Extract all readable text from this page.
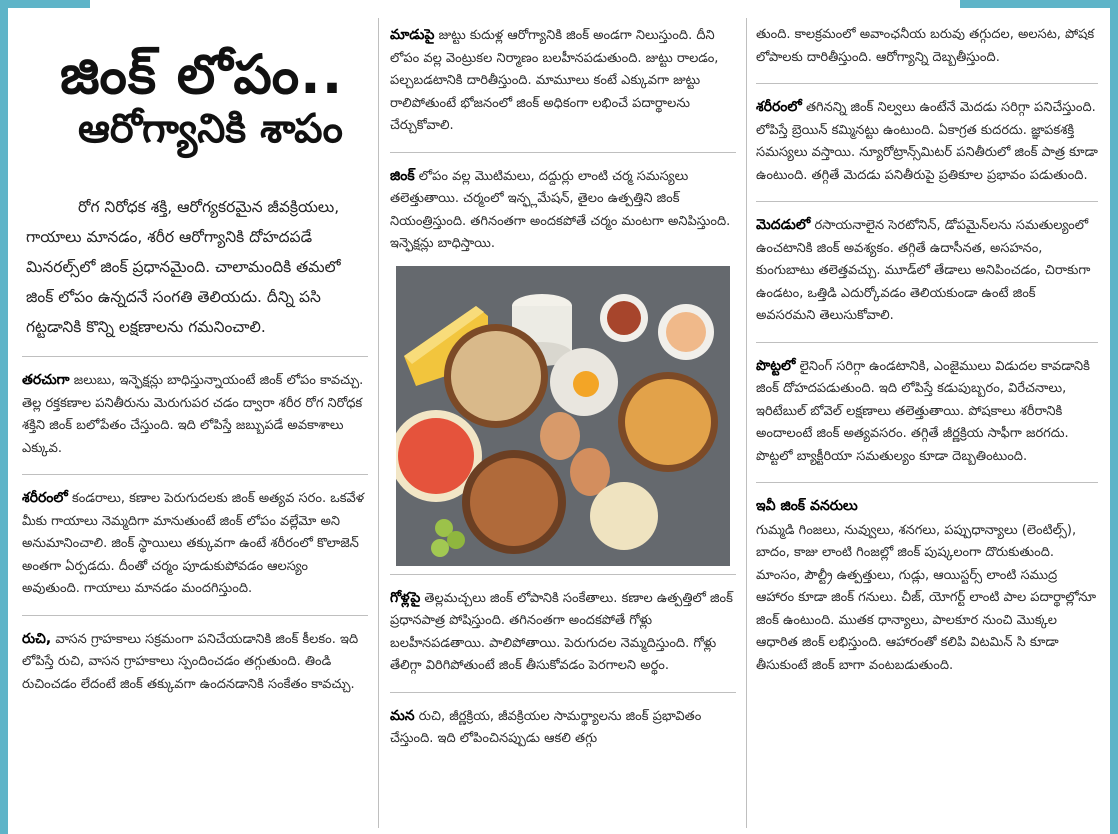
జింక్ లోపం..
ఆరోగ్యానికి శాపం
రోగ నిరోధక శక్తి, ఆరోగ్యకరమైన జీవక్రియలు, గాయాలు మానడం, శరీర ఆరోగ్యానికి దోహదపడే మినరల్స్‌లో జింక్ ప్రధానమైంది. చాలామందికి తమలో జింక్ లోపం ఉన్నదనే సంగతి తెలియదు. దీన్ని పసి గట్టడానికి కొన్ని లక్షణాలను గమనించాలి.
తరచుగా జలుబు, ఇన్ఫెక్షన్లు బాధిస్తున్నాయంటే జింక్ లోపం కావచ్చు. తెల్ల రక్తకణాల పనితీరును మెరుగుపర చడం ద్వారా శరీర రోగ నిరోధక శక్తిని జింక్ బలోపేతం చేస్తుంది. ఇది లోపిస్తే జబ్బుపడే అవకాశాలు ఎక్కువ.
శరీరంలో కండరాలు, కణాల పెరుగుదలకు జింక్ అత్యవ సరం. ఒకవేళ మీకు గాయాలు నెమ్మదిగా మానుతుంటే జింక్ లోపం వల్లేమో అని అనుమానించాలి. జింక్ స్థాయిలు తక్కువగా ఉంటే శరీరంలో కొలాజెన్ అంతగా ఏర్పడదు. దీంతో చర్మం పూడుకుపోవడం ఆలస్యం అవుతుంది. గాయాలు మానడం మందగిస్తుంది.
రుచి, వాసన గ్రాహకాలు సక్రమంగా పనిచేయడానికి జింక్ కీలకం. ఇది లోపిస్తే రుచి, వాసన గ్రాహకాలు స్పందించడం తగ్గుతుంది. తిండి రుచించడం లేదంటే జింక్ తక్కువగా ఉందనడానికి సంకేతం కావచ్చు.
మాడుపై జుట్టు కుదుళ్ల ఆరోగ్యానికి జింక్ అండగా నిలుస్తుంది. దీని లోపం వల్ల వెంట్రుకల నిర్మాణం బలహీనపడుతుంది. జుట్టు రాలడం, పల్చబడటానికి దారితీస్తుంది. మామూలు కంటే ఎక్కువగా జుట్టు రాలిపోతుంటే భోజనంలో జింక్ అధికంగా లభించే పదార్థాలను చేర్చుకోవాలి.
జింక్ లోపం వల్ల మొటిమలు, దద్దుర్లు లాంటి చర్మ సమస్యలు తలెత్తుతాయి. చర్మంలో ఇన్ఫ్లమేషన్, తైలం ఉత్పత్తిని జింక్ నియంత్రిస్తుంది. తగినంతగా అందకపోతే చర్మం మంటగా అనిపిస్తుంది. ఇన్ఫెక్షన్లు బాధిస్తాయి.
గోళ్లపై తెల్లమచ్చలు జింక్ లోపానికి సంకేతాలు. కణాల ఉత్పత్తిలో జింక్ ప్రధానపాత్ర పోషిస్తుంది. తగినంతగా అందకపోతే గోళ్లు బలహీనపడతాయి. పాలిపోతాయి. పెరుగుదల నెమ్మదిస్తుంది. గోళ్లు తేలిగ్గా విరిగిపోతుంటే జింక్ తీసుకోవడం పెరగాలని అర్థం.
మన రుచి, జీర్ణక్రియ, జీవక్రియల సామర్థ్యాలను జింక్ ప్రభావితం చేస్తుంది. ఇది లోపించినప్పుడు ఆకలి తగ్గు
తుంది. కాలక్రమంలో అవాంఛనీయ బరువు తగ్గుదల, అలసట, పోషక లోపాలకు దారితీస్తుంది. ఆరోగ్యాన్ని దెబ్బతీస్తుంది.
శరీరంలో తగినన్ని జింక్ నిల్వలు ఉంటేనే మెదడు సరిగ్గా పనిచేస్తుంది. లోపిస్తే బ్రెయిన్ కమ్మినట్టు ఉంటుంది. ఏకాగ్రత కుదరదు. జ్ఞాపకశక్తి సమస్యలు వస్తాయి. న్యూరోట్రాన్స్‌మిటర్ పనితీరులో జింక్ పాత్ర కూడా ఉంటుంది. తగ్గితే మెదడు పనితీరుపై ప్రతికూల ప్రభావం పడుతుంది.
మెదడులో రసాయనాలైన సెరటోనిన్, డోపమైన్‌లను సమతుల్యంలో ఉంచటానికి జింక్ అవశ్యకం. తగ్గితే ఉదాసీనత, అసహనం, కుంగుబాటు తలెత్తవచ్చు. మూడ్‌లో తేడాలు అనిపించడం, చిరాకుగా ఉండటం, ఒత్తిడి ఎదుర్కోవడం తెలియకుండా ఉంటే జింక్ అవసరమని తెలుసుకోవాలి.
పొట్టలో లైనింగ్ సరిగ్గా ఉండటానికి, ఎంజైములు విడుదల కావడానికి జింక్ దోహదపడుతుంది. ఇది లోపిస్తే కడుపుబ్బరం, విరేచనాలు, ఇరిటేబుల్ బోవెల్ లక్షణాలు తలెత్తుతాయి. పోషకాలు శరీరానికి అందాలంటే జింక్ అత్యవసరం. తగ్గితే జీర్ణక్రియ సాఫీగా జరగదు. పొట్టలో బ్యాక్టీరియా సమతుల్యం కూడా దెబ్బతింటుంది.
ఇవీ జింక్ వనరులు
గుమ్మడి గింజలు, నువ్వులు, శనగలు, పప్పుధాన్యాలు (లెంటిల్స్), బాదం, కాజు లాంటి గింజల్లో జింక్ పుష్కలంగా దొరుకుతుంది. మాంసం, పౌల్ట్రీ ఉత్పత్తులు, గుడ్లు, ఆయిస్టర్స్ లాంటి సముద్ర ఆహారం కూడా జింక్ గనులు. చీజ్, యోగర్ట్ లాంటి పాల పదార్థాల్లోనూ జింక్ ఉంటుంది. ముతక ధాన్యాలు, పాలకూర నుంచి మొక్కల ఆధారిత జింక్ లభిస్తుంది. ఆహారంతో కలిపి విటమిన్ సి కూడా తీసుకుంటే జింక్ బాగా వంటబడుతుంది.
